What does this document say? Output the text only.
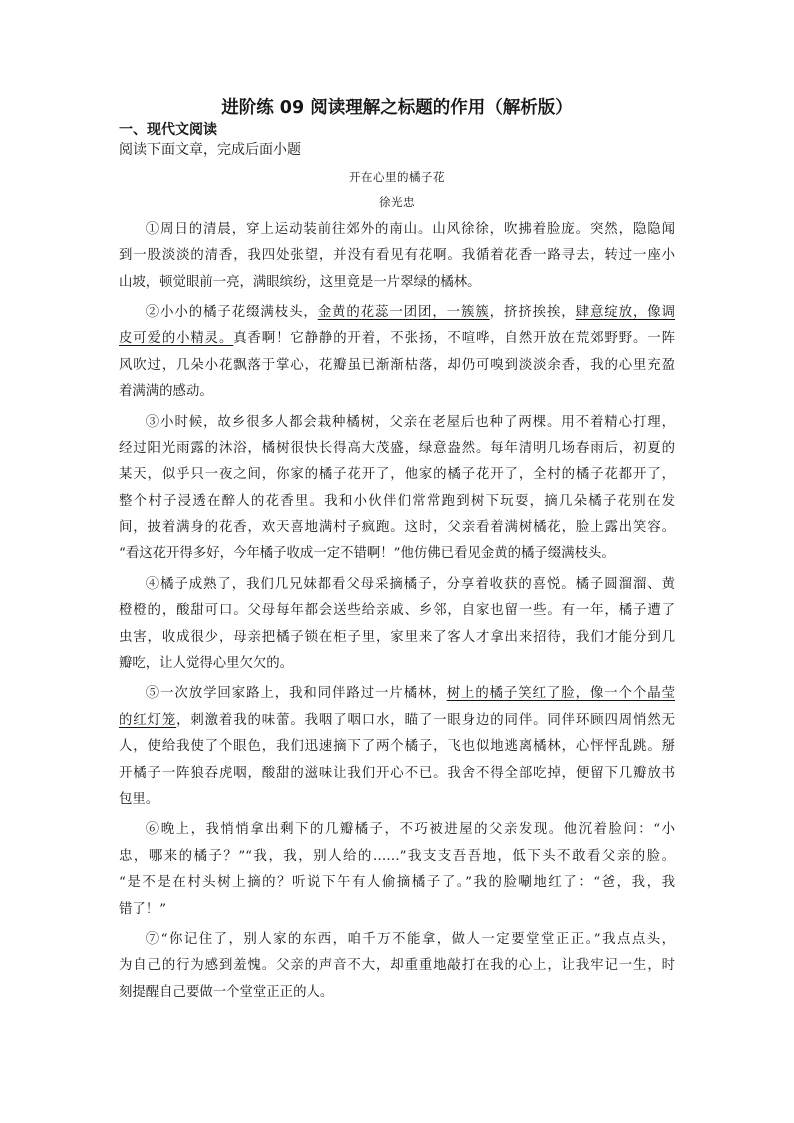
进阶练 09 阅读理解之标题的作用（解析版）
一、现代文阅读
阅读下面文章，完成后面小题
开在心里的橘子花
徐光忠
①周日的清晨，穿上运动装前往郊外的南山。山风徐徐，吹拂着脸庞。突然，隐隐闻
到一股淡淡的清香，我四处张望，并没有看见有花啊。我循着花香一路寻去，转过一座小
山坡，顿觉眼前一亮，满眼缤纷，这里竟是一片翠绿的橘林。
②小小的橘子花缀满枝头，金黄的花蕊一团团，一簇簇，挤挤挨挨，肆意绽放，像调
皮可爱的小精灵。真香啊！它静静的开着，不张扬，不喧哗，自然开放在荒郊野野。一阵
风吹过，几朵小花飘落于掌心，花瓣虽已渐渐枯落，却仍可嗅到淡淡余香，我的心里充盈
着满满的感动。
③小时候，故乡很多人都会栽种橘树，父亲在老屋后也种了两棵。用不着精心打理，
经过阳光雨露的沐浴，橘树很快长得高大茂盛，绿意盎然。每年清明几场春雨后，初夏的
某天，似乎只一夜之间，你家的橘子花开了，他家的橘子花开了，全村的橘子花都开了，
整个村子浸透在醉人的花香里。我和小伙伴们常常跑到树下玩耍，摘几朵橘子花别在发
间，披着满身的花香，欢天喜地满村子疯跑。这时，父亲看着满树橘花，脸上露出笑容。
“看这花开得多好，今年橘子收成一定不错啊！”他仿佛已看见金黄的橘子缀满枝头。
④橘子成熟了，我们几兄妹都看父母采摘橘子，分享着收获的喜悦。橘子圆溜溜、黄
橙橙的，酸甜可口。父母每年都会送些给亲戚、乡邻，自家也留一些。有一年，橘子遭了
虫害，收成很少，母亲把橘子锁在柜子里，家里来了客人才拿出来招待，我们才能分到几
瓣吃，让人觉得心里欠欠的。
⑤一次放学回家路上，我和同伴路过一片橘林，树上的橘子笑红了脸，像一个个晶莹
的红灯笼，刺激着我的味蕾。我咽了咽口水，瞄了一眼身边的同伴。同伴环顾四周悄然无
人，使给我使了个眼色，我们迅速摘下了两个橘子，飞也似地逃离橘林，心怦怦乱跳。掰
开橘子一阵狼吞虎咽，酸甜的滋味让我们开心不已。我舍不得全部吃掉，便留下几瓣放书
包里。
⑥晚上，我悄悄拿出剩下的几瓣橘子，不巧被进屋的父亲发现。他沉着脸问：“小
忠，哪来的橘子？”“我，我，别人给的……”我支支吾吾地，低下头不敢看父亲的脸。
“是不是在村头树上摘的？听说下午有人偷摘橘子了。”我的脸唰地红了：“爸，我，我
错了！”
⑦“你记住了，别人家的东西，咱千万不能拿，做人一定要堂堂正正。”我点点头，
为自己的行为感到羞愧。父亲的声音不大，却重重地敲打在我的心上，让我牢记一生，时
刻提醒自己要做一个堂堂正正的人。
